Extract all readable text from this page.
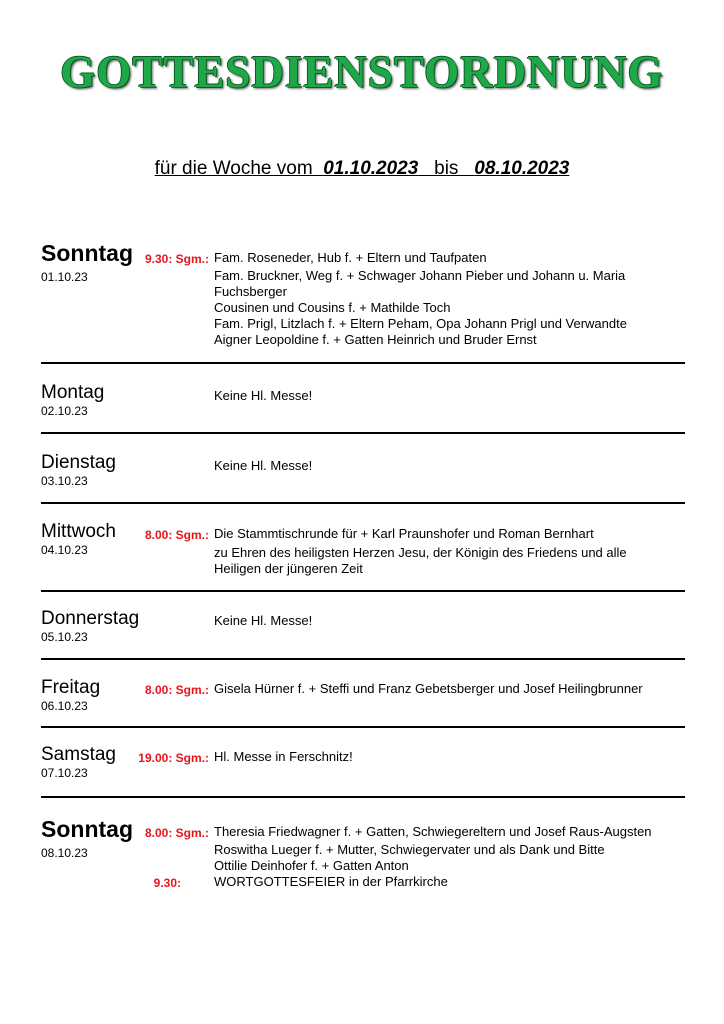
GOTTESDIENSTORDNUNG
für die Woche vom  01.10.2023   bis   08.10.2023
Sonntag
01.10.23
9.30: Sgm.: Fam. Roseneder, Hub f. + Eltern und Taufpaten
Fam. Bruckner, Weg f. + Schwager Johann Pieber und Johann u. Maria Fuchsberger
Cousinen und Cousins f. + Mathilde Toch
Fam. Prigl, Litzlach f. + Eltern Peham, Opa Johann Prigl und Verwandte
Aigner Leopoldine f. + Gatten Heinrich und Bruder Ernst
Montag
02.10.23
Keine Hl. Messe!
Dienstag
03.10.23
Keine Hl. Messe!
Mittwoch
04.10.23
8.00: Sgm.: Die Stammtischrunde für + Karl Praunshofer und Roman Bernhart
zu Ehren des heiligsten Herzen Jesu, der Königin des Friedens und alle Heiligen der jüngeren Zeit
Donnerstag
05.10.23
Keine Hl. Messe!
Freitag
06.10.23
8.00: Sgm.: Gisela Hürner f. + Steffi und Franz Gebetsberger und Josef Heilingbrunner
Samstag
07.10.23
19.00: Sgm.: Hl. Messe in Ferschnitz!
Sonntag
08.10.23
8.00: Sgm.:
9.30:
Theresia Friedwagner f. + Gatten, Schwiegereltern und Josef Raus-Augsten
Roswitha Lueger f. + Mutter, Schwiegervater und als Dank und Bitte
Ottilie Deinhofer f. + Gatten Anton
WORTGOTTESFEIER in der Pfarrkirche
